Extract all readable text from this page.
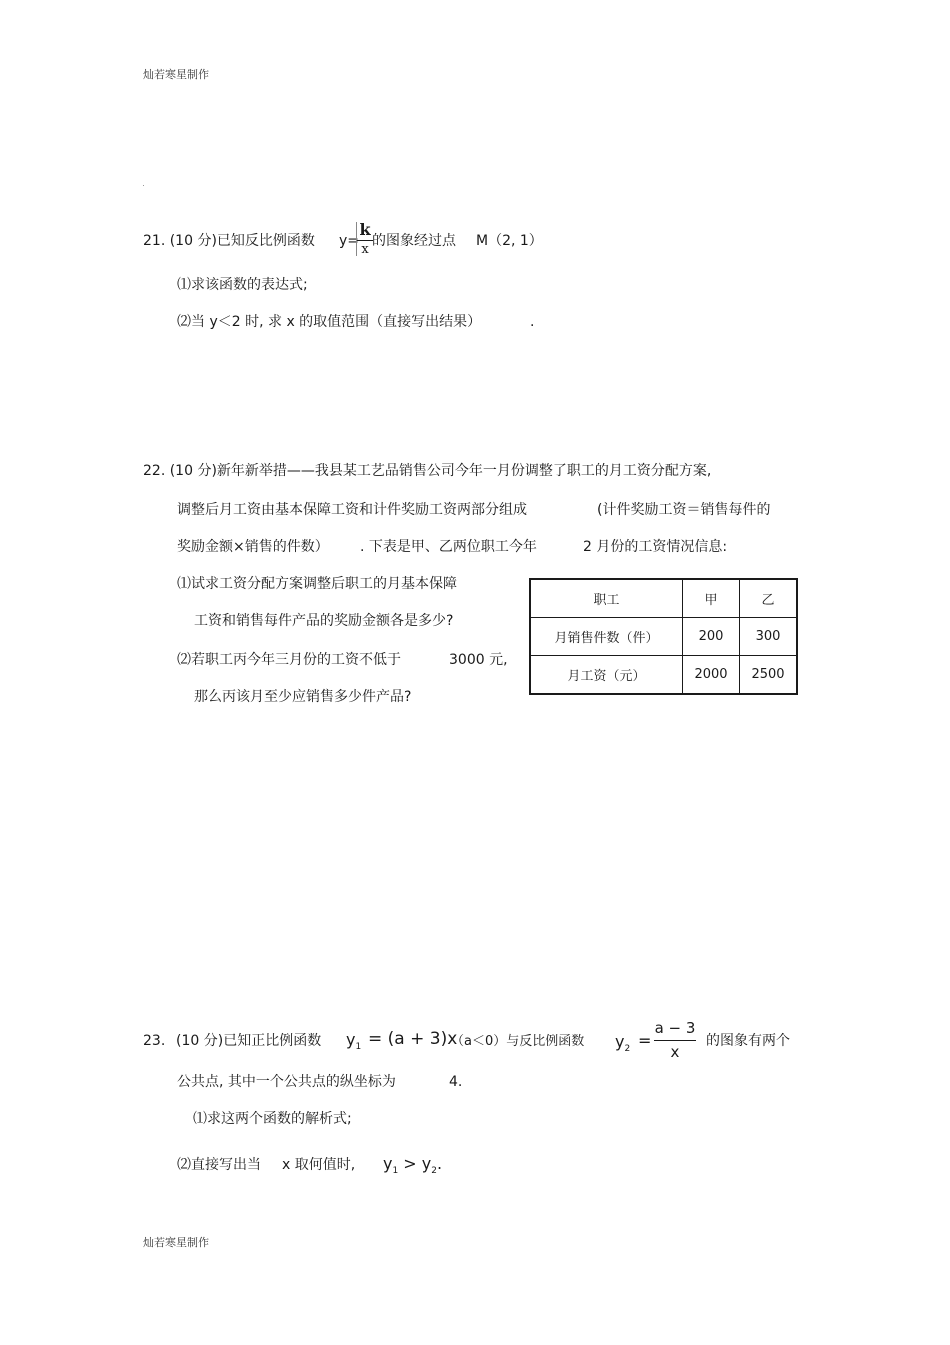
灿若寒星制作
灿若寒星制作
21. (10 分)已知反比例函数 y=
k
x
的图象经过点 M（2, 1）
⑴求该函数的表达式;
⑵当 y＜2 时, 求 x 的取值范围（直接写出结果）	.
22. (10 分)新年新举措——我县某工艺品销售公司今年一月份调整了职工的月工资分配方案,
调整后月工资由基本保障工资和计件奖励工资两部分组成	(计件奖励工资＝销售每件的
奖励金额×销售的件数） . 下表是甲、乙两位职工今年	2 月份的工资情况信息:
⑴试求工资分配方案调整后职工的月基本保障
工资和销售每件产品的奖励金额各是多少?
⑵若职工丙今年三月份的工资不低于	3000 元,
那么丙该月至少应销售多少件产品?
职工	甲	乙
月销售件数（件）	200	300
月工资（元）	2000	2500
23. (10 分)已知正比例函数 $y_1 = (a + 3)x$
（a＜0）与反比例函数 $y_2$ =
a − 3
x
的图象有两个
公共点, 其中一个公共点的纵坐标为	4.
⑴求这两个函数的解析式;
⑵直接写出当 x 取何值时, $y_1 > y_2$.
